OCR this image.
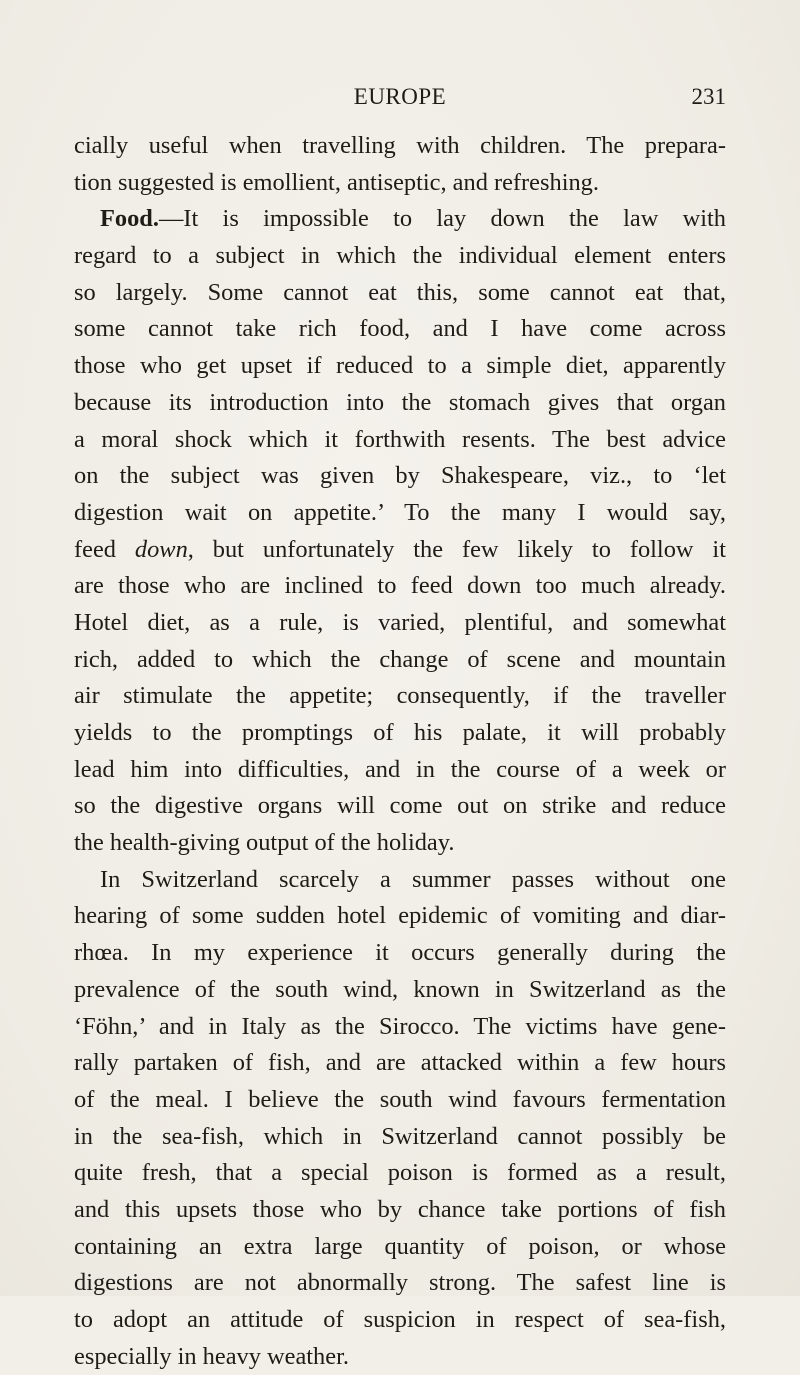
EUROPE	231
cially useful when travelling with children. The prepara-
tion suggested is emollient, antiseptic, and refreshing.
Food.—It is impossible to lay down the law with
regard to a subject in which the individual element enters
so largely. Some cannot eat this, some cannot eat that,
some cannot take rich food, and I have come across
those who get upset if reduced to a simple diet, apparently
because its introduction into the stomach gives that organ
a moral shock which it forthwith resents. The best advice
on the subject was given by Shakespeare, viz., to ‘let
digestion wait on appetite.’ To the many I would say,
feed down, but unfortunately the few likely to follow it
are those who are inclined to feed down too much already.
Hotel diet, as a rule, is varied, plentiful, and somewhat
rich, added to which the change of scene and mountain
air stimulate the appetite; consequently, if the traveller
yields to the promptings of his palate, it will probably
lead him into difficulties, and in the course of a week or
so the digestive organs will come out on strike and reduce
the health-giving output of the holiday.
In Switzerland scarcely a summer passes without one
hearing of some sudden hotel epidemic of vomiting and diar-
rhœa. In my experience it occurs generally during the
prevalence of the south wind, known in Switzerland as the
‘Föhn,’ and in Italy as the Sirocco. The victims have gene-
rally partaken of fish, and are attacked within a few hours
of the meal. I believe the south wind favours fermentation
in the sea-fish, which in Switzerland cannot possibly be
quite fresh, that a special poison is formed as a result,
and this upsets those who by chance take portions of fish
containing an extra large quantity of poison, or whose
digestions are not abnormally strong. The safest line is
to adopt an attitude of suspicion in respect of sea-fish,
especially in heavy weather.
